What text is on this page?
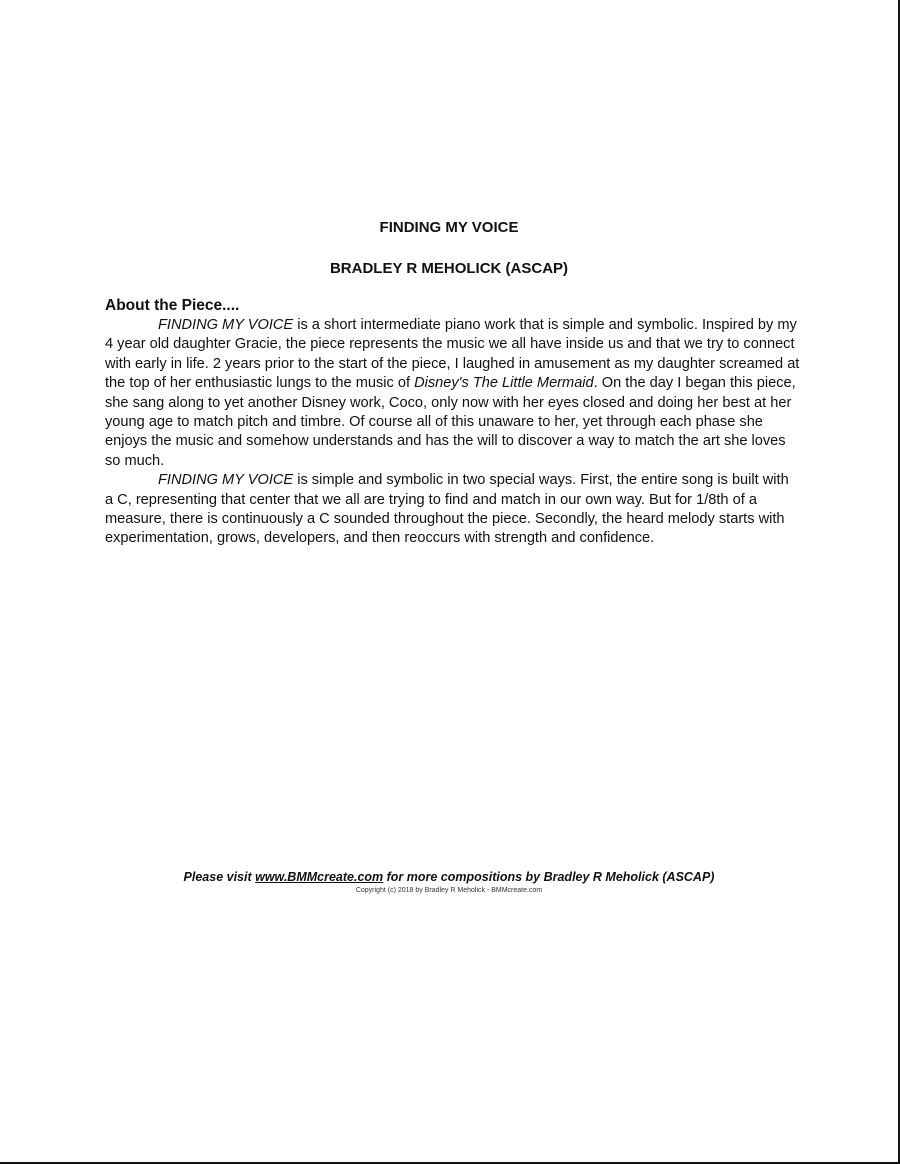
FINDING MY VOICE
BRADLEY R MEHOLICK (ASCAP)
About the Piece....

FINDING MY VOICE is a short intermediate piano work that is simple and symbolic. Inspired by my 4 year old daughter Gracie, the piece represents the music we all have inside us and that we try to connect with early in life. 2 years prior to the start of the piece, I laughed in amusement as my daughter screamed at the top of her enthusiastic lungs to the music of Disney's The Little Mermaid. On the day I began this piece, she sang along to yet another Disney work, Coco, only now with her eyes closed and doing her best at her young age to match pitch and timbre. Of course all of this unaware to her, yet through each phase she enjoys the music and somehow understands and has the will to discover a way to match the art she loves so much.

FINDING MY VOICE is simple and symbolic in two special ways. First, the entire song is built with a C, representing that center that we all are trying to find and match in our own way. But for 1/8th of a measure, there is continuously a C sounded throughout the piece. Secondly, the heard melody starts with experimentation, grows, developers, and then reoccurs with strength and confidence.

Please visit www.BMMcreate.com for more compositions by Bradley R Meholick (ASCAP)
Copyright (c) 2018 by Bradley R Meholick - BMMcreate.com
